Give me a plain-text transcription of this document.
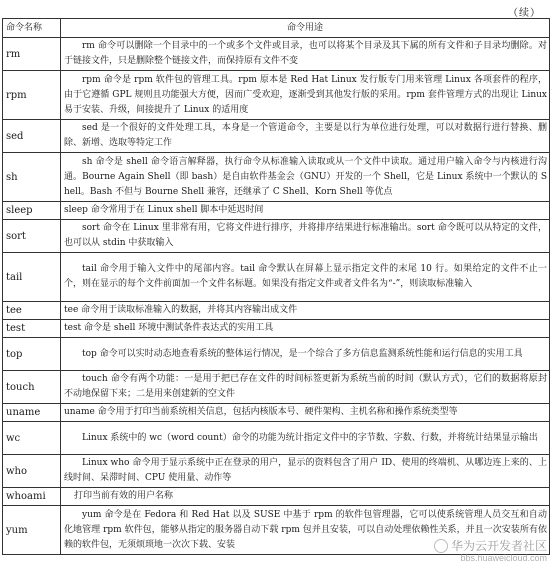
（续）
命令名称	命令用途
rm	rm 命令可以删除一个目录中的一个或多个文件或目录，也可以将某个目录及其下属的所有文件和子目录均删除。对于链接文件，只是删除整个链接文件，而保持原有文件不变
rpm	rpm 命令是 rpm 软件包的管理工具。rpm 原本是 Red Hat Linux 发行版专门用来管理 Linux 各项套件的程序，由于它遵循 GPL 规则且功能强大方便，因而广受欢迎，逐渐受到其他发行版的采用。rpm 套件管理方式的出现让 Linux 易于安装、升级，间接提升了 Linux 的适用度
sed	sed 是一个很好的文件处理工具，本身是一个管道命令，主要是以行为单位进行处理，可以对数据行进行替换、删除、新增、选取等特定工作
sh	sh 命令是 shell 命令语言解释器，执行命令从标准输入读取或从一个文件中读取。通过用户输入命令与内核进行沟通。Bourne Again Shell（即 bash）是自由软件基金会（GNU）开发的一个 Shell，它是 Linux 系统中一个默认的 Shell。Bash 不但与 Bourne Shell 兼容，还继承了 C Shell、Korn Shell 等优点
sleep	sleep 命令常用于在 Linux shell 脚本中延迟时间
sort	sort 命令在 Linux 里非常有用，它将文件进行排序，并将排序结果进行标准输出。sort 命令既可以从特定的文件，也可以从 stdin 中获取输入
tail	tail 命令用于输入文件中的尾部内容。tail 命令默认在屏幕上显示指定文件的末尾 10 行。如果给定的文件不止一个，则在显示的每个文件前面加一个文件名标题。如果没有指定文件或者文件名为“-”，则读取标准输入
tee	tee 命令用于读取标准输入的数据，并将其内容输出成文件
test	test 命令是 shell 环境中测试条件表达式的实用工具
top	top 命令可以实时动态地查看系统的整体运行情况，是一个综合了多方信息监测系统性能和运行信息的实用工具
touch	touch 命令有两个功能：一是用于把已存在文件的时间标签更新为系统当前的时间（默认方式），它们的数据将原封不动地保留下来；二是用来创建新的空文件
uname	uname 命令用于打印当前系统相关信息，包括内核版本号、硬件架构、主机名称和操作系统类型等
wc	Linux 系统中的 wc（word count）命令的功能为统计指定文件中的字节数、字数、行数，并将统计结果显示输出
who	Linux who 命令用于显示系统中正在登录的用户，显示的资料包含了用户 ID、使用的终端机、从哪边连上来的、上线时间、呆滞时间、CPU 使用量、动作等
whoami	打印当前有效的用户名称
yum	yum 命令是在 Fedora 和 Red Hat 以及 SUSE 中基于 rpm 的软件包管理器，它可以使系统管理人员交互和自动化地管理 rpm 软件包，能够从指定的服务器自动下载 rpm 包并且安装，可以自动处理依赖性关系，并且一次安装所有依赖的软件包，无须烦琐地一次次下载、安装	华为云开发者社区
bbs.huaweicloud.com
